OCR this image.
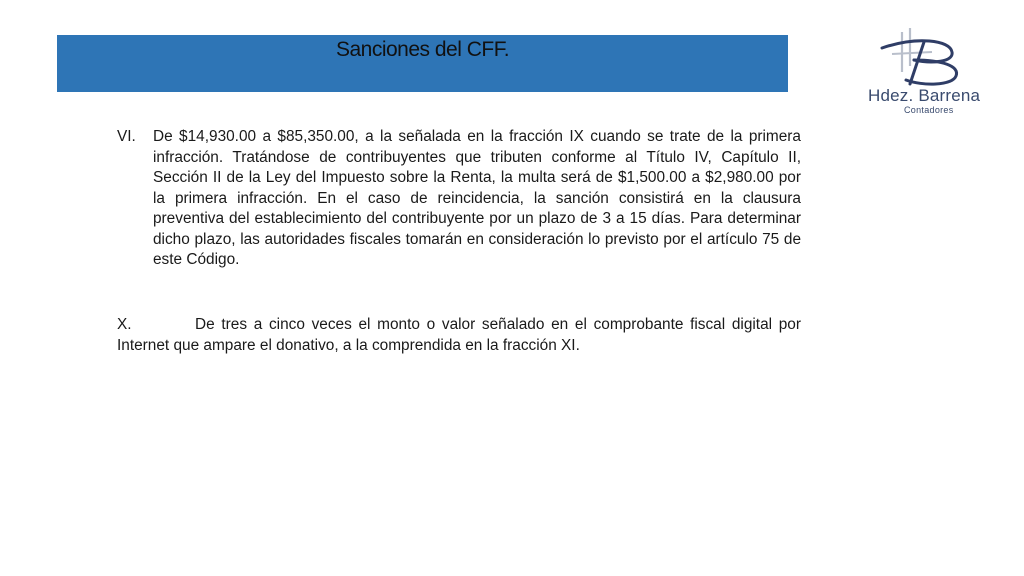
Sanciones del CFF.
Hdez. Barrena
Contadores
VI. De $14,930.00 a $85,350.00, a la señalada en la fracción IX cuando se trate de la primera infracción. Tratándose de contribuyentes que tributen conforme al Título IV, Capítulo II, Sección II de la Ley del Impuesto sobre la Renta, la multa será de $1,500.00 a $2,980.00 por la primera infracción. En el caso de reincidencia, la sanción consistirá en la clausura preventiva del establecimiento del contribuyente por un plazo de 3 a 15 días. Para determinar dicho plazo, las autoridades fiscales tomarán en consideración lo previsto por el artículo 75 de este Código.
X.	De tres a cinco veces el monto o valor señalado en el comprobante fiscal digital por Internet que ampare el donativo, a la comprendida en la fracción XI.
